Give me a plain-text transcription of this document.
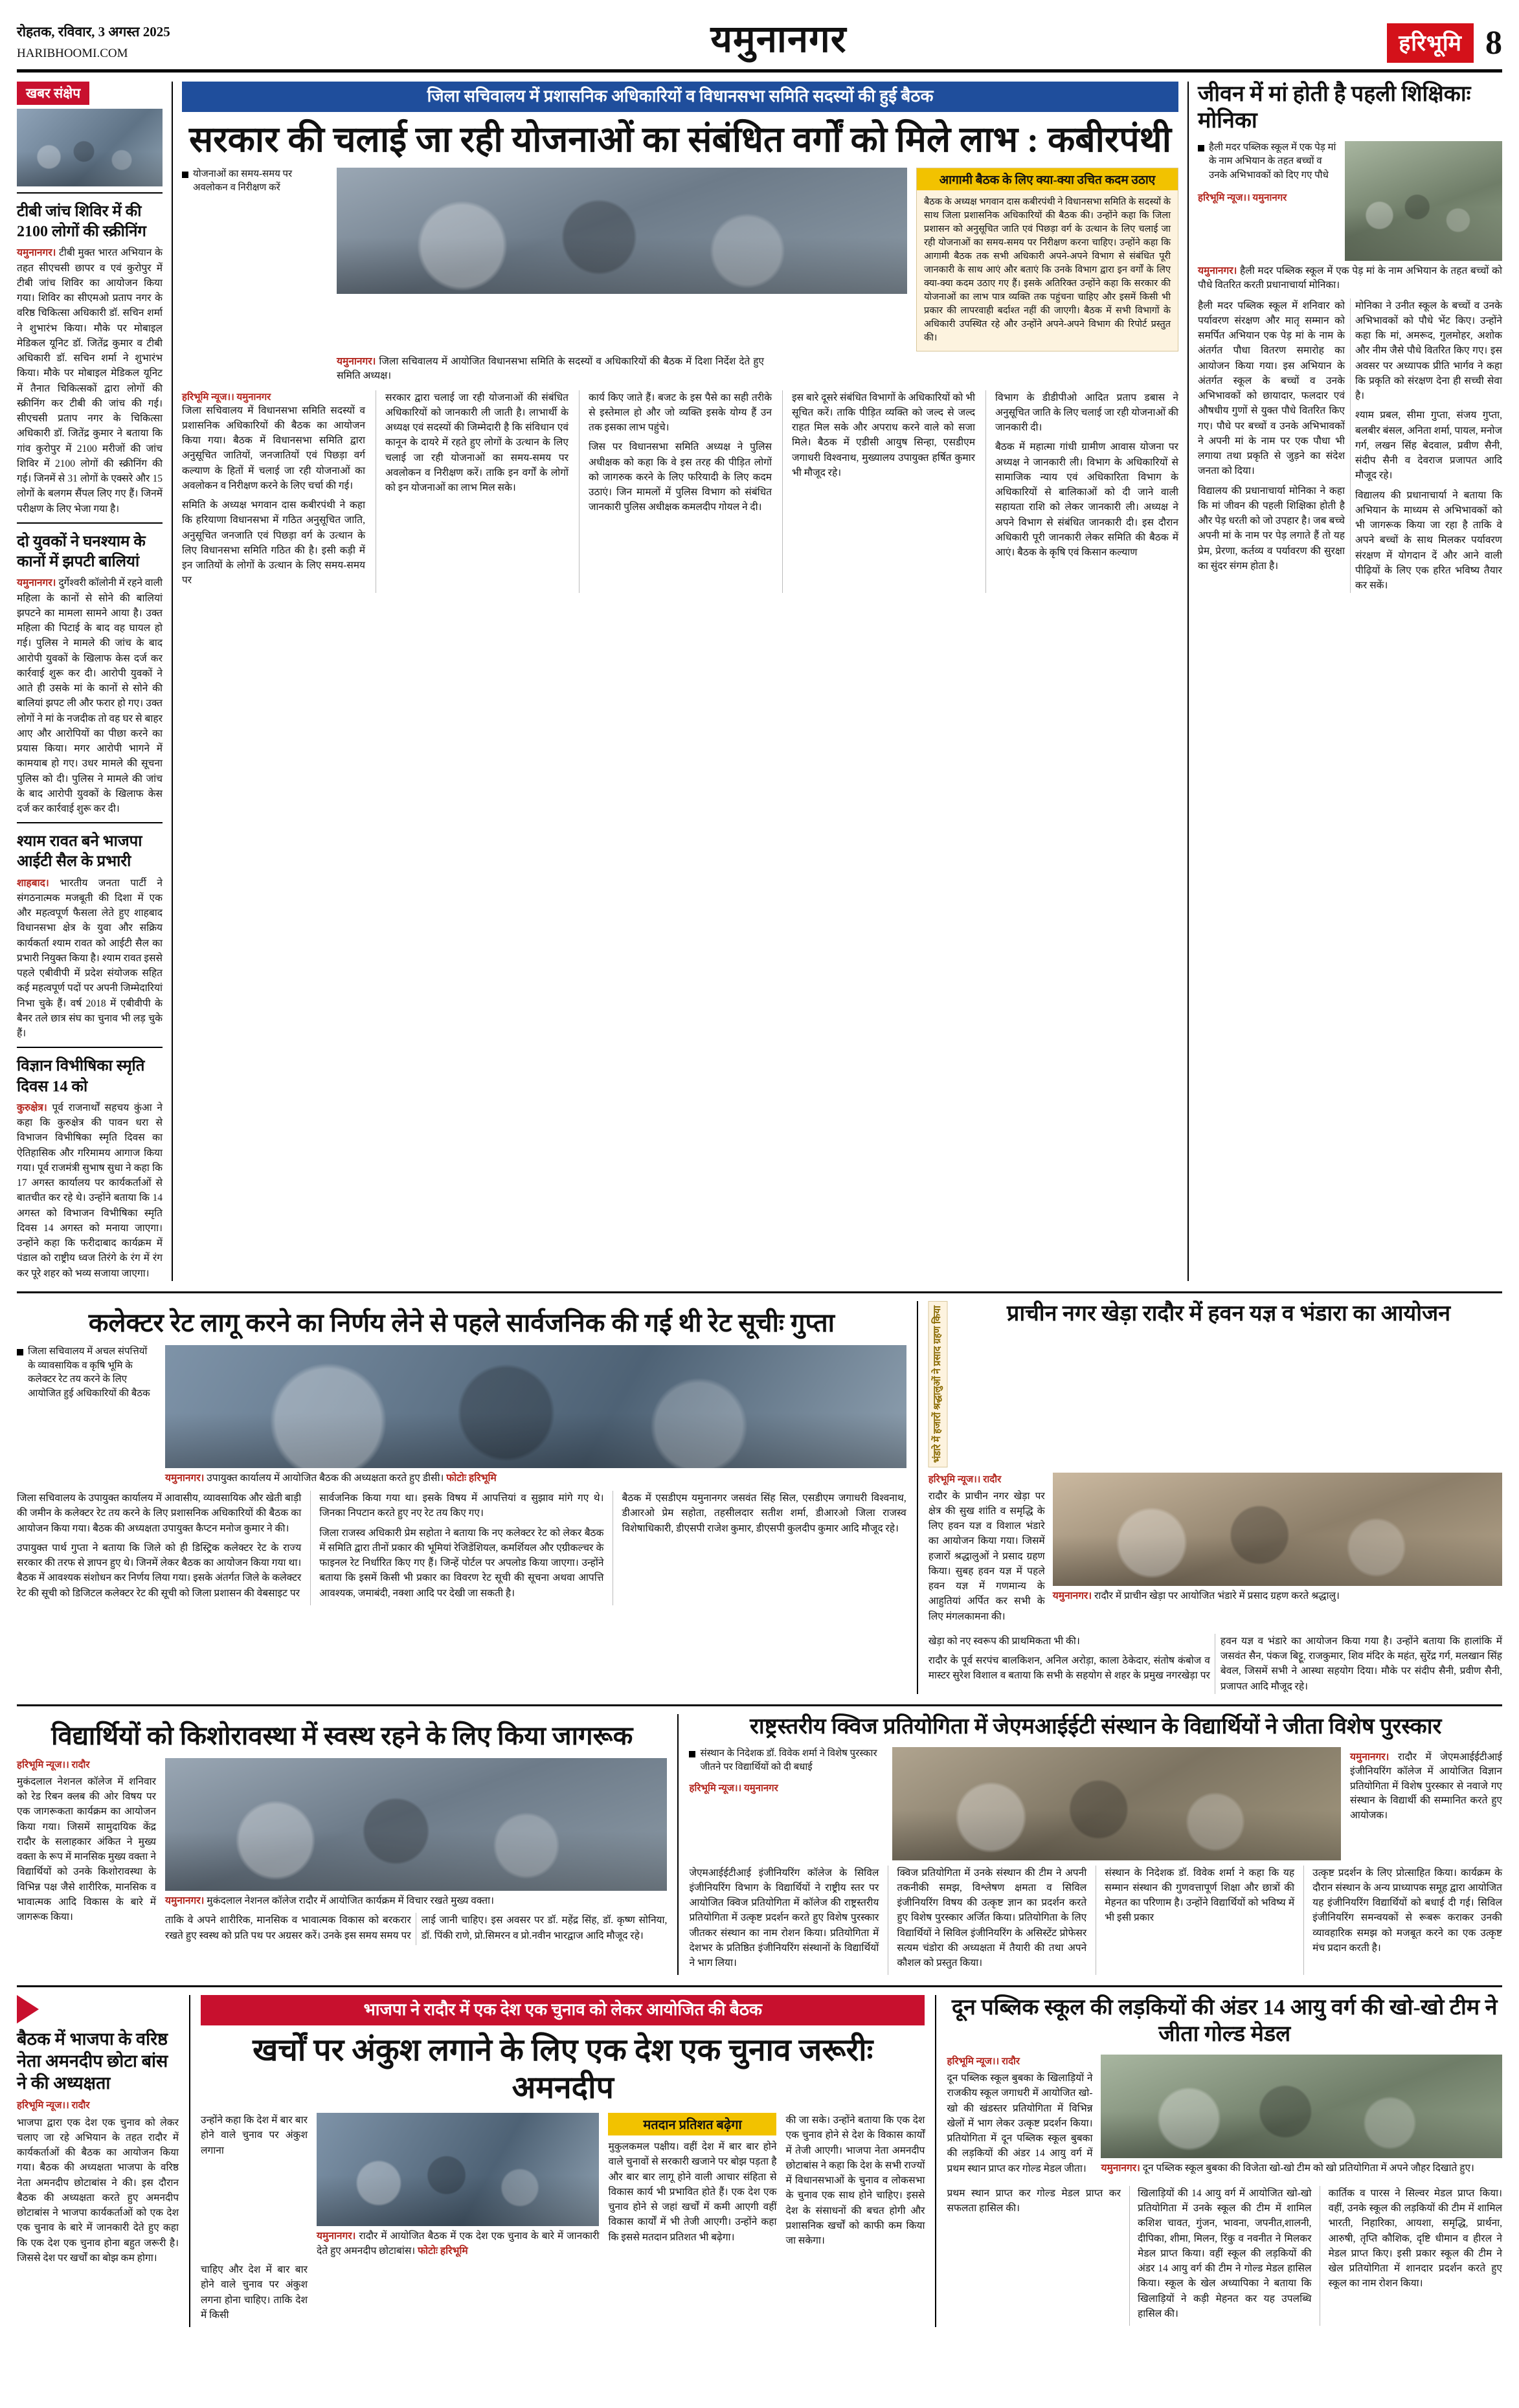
रोहतक, रविवार, 3 अगस्त 2025
HARIBHOOMI.COM	यमुनानगर	हरिभूमि 8
खबर संक्षेप
टीबी जांच शिविर में की 2100 लोगों की स्क्रीनिंग
यमुनानगर। टीबी मुक्त भारत अभियान के तहत सीएचसी छापर व एवं कुरोपुर में टीबी जांच शिविर का आयोजन किया गया। शिविर का सीएमओ प्रताप नगर के वरिष्ठ चिकित्सा अधिकारी डॉ. सचिन शर्मा ने शुभारंभ किया। मौके पर मोबाइल मेडिकल यूनिट डॉ. जितेंद्र कुमार व टीबी अधिकारी डॉ. सचिन शर्मा ने शुभारंभ किया। मौके पर मोबाइल मेडिकल यूनिट में तैनात चिकित्सकों द्वारा लोगों की स्क्रीनिंग कर टीबी की जांच की गई। सीएचसी प्रताप नगर के चिकित्सा अधिकारी डॉ. जितेंद्र कुमार ने बताया कि गांव कुरोपुर में 2100 मरीजों की जांच शिविर में 2100 लोगों की स्क्रीनिंग की गई। जिनमें से 31 लोगों के एक्सरे और 15 लोगों के बलगम सैंपल लिए गए हैं। जिनमें परीक्षण के लिए भेजा गया है।
दो युवकों ने घनश्याम के कानों में झपटी बालियां
यमुनानगर। दुर्गेश्वरी कॉलोनी में रहने वाली महिला के कानों से सोने की बालियां झपटने का मामला सामने आया है। उक्त महिला की पिटाई के बाद वह घायल हो गई। पुलिस ने मामले की जांच के बाद आरोपी युवकों के खिलाफ केस दर्ज कर कार्रवाई शुरू कर दी। आरोपी युवकों ने आते ही उसके मां के कानों से सोने की बालियां झपट ली और फरार हो गए। उक्त लोगों ने मां के नजदीक तो वह घर से बाहर आए और आरोपियों का पीछा करने का प्रयास किया। मगर आरोपी भागने में कामयाब हो गए। उधर मामले की सूचना पुलिस को दी। पुलिस ने मामले की जांच के बाद आरोपी युवकों के खिलाफ केस दर्ज कर कार्रवाई शुरू कर दी।
श्याम रावत बने भाजपा आईटी सैल के प्रभारी
शाहबाद। भारतीय जनता पार्टी ने संगठनात्मक मजबूती की दिशा में एक और महत्वपूर्ण फैसला लेते हुए शाहबाद विधानसभा क्षेत्र के युवा और सक्रिय कार्यकर्ता श्याम रावत को आईटी सैल का प्रभारी नियुक्त किया है। श्याम रावत इससे पहले एबीवीपी में प्रदेश संयोजक सहित कई महत्वपूर्ण पदों पर अपनी जिम्मेदारियां निभा चुके हैं। वर्ष 2018 में एबीवीपी के बैनर तले छात्र संघ का चुनाव भी लड़ चुके हैं।
विज्ञान विभीषिका स्मृति दिवस 14 को
कुरुक्षेत्र। पूर्व राजनार्थों सहचय कुंआ ने कहा कि कुरुक्षेत्र की पावन धरा से विभाजन विभीषिका स्मृति दिवस का ऐतिहासिक और गरिमामय आगाज किया गया। पूर्व राजमंत्री सुभाष सुधा ने कहा कि 17 अगस्त कार्यालय पर कार्यकर्ताओं से बातचीत कर रहे थे। उन्होंने बताया कि 14 अगस्त को विभाजन विभीषिका स्मृति दिवस 14 अगस्त को मनाया जाएगा। उन्होंने कहा कि फरीदाबाद कार्यक्रम में पंडाल को राष्ट्रीय ध्वज तिरंगे के रंग में रंग कर पूरे शहर को भव्य सजाया जाएगा।
जिला सचिवालय में प्रशासनिक अधिकारियों व विधानसभा समिति सदस्यों की हुई बैठक
सरकार की चलाई जा रही योजनाओं का संबंधित वर्गों को मिले लाभ : कबीरपंथी
योजनाओं का समय-समय पर अवलोकन व निरीक्षण करें
आगामी बैठक के लिए क्या-क्या उचित कदम उठाए
बैठक के अध्यक्ष भगवान दास कबीरपंथी ने विधानसभा समिति के सदस्यों के साथ जिला प्रशासनिक अधिकारियों की बैठक की। उन्होंने कहा कि जिला प्रशासन को अनुसूचित जाति एवं पिछड़ा वर्ग के उत्थान के लिए चलाई जा रही योजनाओं का समय-समय पर निरीक्षण करना चाहिए। उन्होंने कहा कि आगामी बैठक तक सभी अधिकारी अपने-अपने विभाग से संबंधित पूरी जानकारी के साथ आएं और बताएं कि उनके विभाग द्वारा इन वर्गों के लिए क्या-क्या कदम उठाए गए हैं। इसके अतिरिक्त उन्होंने कहा कि सरकार की योजनाओं का लाभ पात्र व्यक्ति तक पहुंचना चाहिए और इसमें किसी भी प्रकार की लापरवाही बर्दाश्त नहीं की जाएगी। बैठक में सभी विभागों के अधिकारी उपस्थित रहे और उन्होंने अपने-अपने विभाग की रिपोर्ट प्रस्तुत की।
यमुनानगर। जिला सचिवालय में आयोजित विधानसभा समिति के सदस्यों व अधिकारियों की बैठक में दिशा निर्देश देते हुए समिति अध्यक्ष।
हरिभूमि न्यूज।। यमुनानगर

जिला सचिवालय में विधानसभा समिति सदस्यों व प्रशासनिक अधिकारियों की बैठक का आयोजन किया गया। बैठक में विधानसभा समिति द्वारा अनुसूचित जातियों, जनजातियों एवं पिछड़ा वर्ग कल्याण के हितों में चलाई जा रही योजनाओं का अवलोकन व निरीक्षण करने के लिए चर्चा की गई।

समिति के अध्यक्ष भगवान दास कबीरपंथी ने कहा कि हरियाणा विधानसभा में गठित अनुसूचित जाति, अनुसूचित जनजाति एवं पिछड़ा वर्ग के उत्थान के लिए विधानसभा समिति गठित की है। इसी कड़ी में इन जातियों के लोगों के उत्थान के लिए समय-समय पर

सरकार द्वारा चलाई जा रही योजनाओं की संबंधित अधिकारियों को जानकारी ली जाती है। लाभार्थी के अध्यक्ष एवं सदस्यों की जिम्मेदारी है कि संविधान एवं कानून के दायरे में रहते हुए लोगों के उत्थान के लिए चलाई जा रही योजनाओं का समय-समय पर अवलोकन व निरीक्षण करें। ताकि इन वर्गों के लोगों को इन योजनाओं का लाभ मिल सके।

कार्य किए जाते हैं। बजट के इस पैसे का सही तरीके से इस्तेमाल हो और जो व्यक्ति इसके योग्य हैं उन तक इसका लाभ पहुंचे।

जिस पर विधानसभा समिति अध्यक्ष ने पुलिस अधीक्षक को कहा कि वे इस तरह की पीड़ित लोगों को जागरुक करने के लिए फरियादी के लिए कदम उठाएं। जिन मामलों में पुलिस विभाग को संबंधित जानकारी पुलिस अधीक्षक कमलदीप गोयल ने दी।

इस बारे दूसरे संबंधित विभागों के अधिकारियों को भी सूचित करें। ताकि पीड़ित व्यक्ति को जल्द से जल्द राहत मिल सके और अपराध करने वाले को सजा मिले। बैठक में एडीसी आयुष सिन्हा, एसडीएम जगाधरी विश्वनाथ, मुख्यालय उपायुक्त हर्षित कुमार भी मौजूद रहे।

विभाग के डीडीपीओ आदित प्रताप डबास ने अनुसूचित जाति के लिए चलाई जा रही योजनाओं की जानकारी दी।

बैठक में महात्मा गांधी ग्रामीण आवास योजना पर अध्यक्ष ने जानकारी ली। विभाग के अधिकारियों से सामाजिक न्याय एवं अधिकारिता विभाग के अधिकारियों से बालिकाओं को दी जाने वाली सहायता राशि को लेकर जानकारी ली। अध्यक्ष ने अपने विभाग से संबंधित जानकारी दी। इस दौरान अधिकारी पूरी जानकारी लेकर समिति की बैठक में आएं। बैठक के कृषि एवं किसान कल्याण

जीवन में मां होती है पहली शिक्षिकाः मोनिका
हैली मदर पब्लिक स्कूल में एक पेड़ मां के नाम अभियान के तहत बच्चों व उनके अभिभावकों को दिए गए पौधे
हरिभूमि न्यूज।। यमुनानगर
यमुनानगर। हैली मदर पब्लिक स्कूल में एक पेड़ मां के नाम अभियान के तहत बच्चों को पौधे वितरित करती प्रधानाचार्या मोनिका।

हैली मदर पब्लिक स्कूल में शनिवार को पर्यावरण संरक्षण और मातृ सम्मान को समर्पित अभियान एक पेड़ मां के नाम के अंतर्गत पौधा वितरण समारोह का आयोजन किया गया। इस अभियान के अंतर्गत स्कूल के बच्चों व उनके अभिभावकों को छायादार, फलदार एवं औषधीय गुणों से युक्त पौधे वितरित किए गए। पौधे पर बच्चों व उनके अभिभावकों ने अपनी मां के नाम पर एक पौधा भी लगाया तथा प्रकृति से जुड़ने का संदेश जनता को दिया।

विद्यालय की प्रधानाचार्या मोनिका ने कहा कि मां जीवन की पहली शिक्षिका होती है और पेड़ धरती को जो उपहार है। जब बच्चे अपनी मां के नाम पर पेड़ लगाते हैं तो यह प्रेम, प्रेरणा, कर्तव्य व पर्यावरण की सुरक्षा का सुंदर संगम होता है।

मोनिका ने उनीत स्कूल के बच्चों व उनके अभिभावकों को पौधे भेंट किए। उन्होंने कहा कि मां, अमरूद, गुलमोहर, अशोक और नीम जैसे पौधे वितरित किए गए। इस अवसर पर अध्यापक प्रीति भार्गव ने कहा कि प्रकृति को संरक्षण देना ही सच्ची सेवा है।

श्याम प्रबल, सीमा गुप्ता, संजय गुप्ता, बलबीर बंसल, अनिता शर्मा, पायल, मनोज गर्ग, लखन सिंह बेदवाल, प्रवीण सैनी, संदीप सैनी व देवराज प्रजापत आदि मौजूद रहे।

विद्यालय की प्रधानाचार्या ने बताया कि अभियान के माध्यम से अभिभावकों को भी जागरूक किया जा रहा है ताकि वे अपने बच्चों के साथ मिलकर पर्यावरण संरक्षण में योगदान दें और आने वाली पीढ़ियों के लिए एक हरित भविष्य तैयार कर सकें।

कलेक्टर रेट लागू करने का निर्णय लेने से पहले सार्वजनिक की गई थी रेट सूचीः गुप्ता
जिला सचिवालय में अचल संपत्तियों के व्यावसायिक व कृषि भूमि के कलेक्टर रेट तय करने के लिए आयोजित हुई अधिकारियों की बैठक
यमुनानगर। उपायुक्त कार्यालय में आयोजित बैठक की अध्यक्षता करते हुए डीसी। फोटोः हरिभूमि

जिला सचिवालय के उपायुक्त कार्यालय में आवासीय, व्यावसायिक और खेती बाड़ी की जमीन के कलेक्टर रेट तय करने के लिए प्रशासनिक अधिकारियों की बैठक का आयोजन किया गया। बैठक की अध्यक्षता उपायुक्त कैप्टन मनोज कुमार ने की।

उपायुक्त पार्थ गुप्ता ने बताया कि जिले को ही डिस्ट्रिक कलेक्टर रेट के राज्य सरकार की तरफ से ज्ञापन हुए थे। जिनमें लेकर बैठक का आयोजन किया गया था। बैठक में आवश्यक संशोधन कर निर्णय लिया गया। इसके अंतर्गत जिले के कलेक्टर रेट की सूची को डिजिटल कलेक्टर रेट की सूची को जिला प्रशासन की वेबसाइट पर

सार्वजनिक किया गया था। इसके विषय में आपत्तियां व सुझाव मांगे गए थे। जिनका निपटान करते हुए नए रेट तय किए गए।

जिला राजस्व अधिकारी प्रेम सहोता ने बताया कि नए कलेक्टर रेट को लेकर बैठक में समिति द्वारा तीनों प्रकार की भूमियां रेजिडेंशियल, कमर्शियल और एग्रीकल्चर के फाइनल रेट निर्धारित किए गए हैं। जिन्हें पोर्टल पर अपलोड किया जाएगा। उन्होंने बताया कि इसमें किसी भी प्रकार का विवरण रेट सूची की सूचना अथवा आपत्ति आवश्यक, जमाबंदी, नक्शा आदि पर देखी जा सकती है।

बैठक में एसडीएम यमुनानगर जसवंत सिंह सिल, एसडीएम जगाधरी विश्वनाथ, डीआरओ प्रेम सहोता, तहसीलदार सतीश शर्मा, डीआरओ जिला राजस्व विशेषाधिकारी, डीएसपी राजेश कुमार, डीएसपी कुलदीप कुमार आदि मौजूद रहे।

भंडारे में हजारों श्रद्धालुओं ने प्रसाद ग्रहण किया	प्राचीन नगर खेड़ा रादौर में हवन यज्ञ व भंडारा का आयोजन
हरिभूमि न्यूज।। रादौर

रादौर के प्राचीन नगर खेड़ा पर क्षेत्र की सुख शांति व समृद्धि के लिए हवन यज्ञ व विशाल भंडारे का आयोजन किया गया। जिसमें हजारों श्रद्धालुओं ने प्रसाद ग्रहण किया। सुबह हवन यज्ञ में पहले हवन यज्ञ में गणमान्य के आहुतियां अर्पित कर सभी के लिए मंगलकामना की।

यमुनानगर। रादौर में प्राचीन खेड़ा पर आयोजित भंडारे में प्रसाद ग्रहण करते श्रद्धालु।

खेड़ा को नए स्वरूप की प्राथमिकता भी की।

रादौर के पूर्व सरपंच बालकिशन, अनिल अरोड़ा, काला ठेकेदार, संतोष कंबोज व मास्टर सुरेश विशाल व बताया कि सभी के सहयोग से शहर के प्रमुख नगरखेड़ा पर हवन यज्ञ व भंडारे का आयोजन किया गया है। उन्होंने बताया कि हालांकि में जसवंत सैन, पंकज बिट्टू, राजकुमार, शिव मंदिर के महंत, सुरेंद्र गर्ग, मलखान सिंह बेवल, जिसमें सभी ने आस्था सहयोग दिया। मौके पर संदीप सैनी, प्रवीण सैनी, प्रजापत आदि मौजूद रहे।

विद्यार्थियों को किशोरावस्था में स्वस्थ रहने के लिए किया जागरूक
हरिभूमि न्यूज।। रादौर

मुकंदलाल नेशनल कॉलेज में शनिवार को रेड रिबन क्लब की ओर विषय पर एक जागरूकता कार्यक्रम का आयोजन किया गया। जिसमें सामुदायिक केंद्र रादौर के सलाहकार अंकित ने मुख्य वक्ता के रूप में मानसिक मुख्य वक्ता ने विद्यार्थियों को उनके किशोरावस्था के विभिन्न पक्ष जैसे शारीरिक, मानसिक व भावात्मक आदि विकास के बारे में जागरूक किया।

यमुनानगर। मुकंदलाल नेशनल कॉलेज रादौर में आयोजित कार्यक्रम में विचार रखते मुख्य वक्ता।

ताकि वे अपने शारीरिक, मानसिक व भावात्मक विकास को बरकरार रखते हुए स्वस्थ को प्रति पथ पर अग्रसर करें। उनके इस समय समय पर लाई जानी चाहिए। इस अवसर पर डॉ. महेंद्र सिंह, डॉ. कृष्ण सोनिया, डॉ. पिंकी राणे, प्रो.सिमरन व प्रो.नवीन भारद्वाज आदि मौजूद रहे।

राष्ट्रस्तरीय क्विज प्रतियोगिता में जेएमआईईटी संस्थान के विद्यार्थियों ने जीता विशेष पुरस्कार
संस्थान के निदेशक डॉ. विवेक शर्मा ने विशेष पुरस्कार जीतने पर विद्यार्थियों को दी बधाई
हरिभूमि न्यूज।। यमुनानगर
यमुनानगर। रादौर में जेएमआईईटीआई इंजीनियरिंग कॉलेज में आयोजित विज्ञान प्रतियोगिता में विशेष पुरस्कार से नवाजे गए संस्थान के विद्यार्थी की सम्मानित करते हुए आयोजक।

जेएमआईईटीआई इंजीनियरिंग कॉलेज के सिविल इंजीनियरिंग विभाग के विद्यार्थियों ने राष्ट्रीय स्तर पर आयोजित क्विज प्रतियोगिता में कॉलेज की राष्ट्रस्तरीय प्रतियोगिता में उत्कृष्ट प्रदर्शन करते हुए विशेष पुरस्कार जीतकर संस्थान का नाम रोशन किया। प्रतियोगिता में देशभर के प्रतिष्ठित इंजीनियरिंग संस्थानों के विद्यार्थियों ने भाग लिया।

क्विज प्रतियोगिता में उनके संस्थान की टीम ने अपनी तकनीकी समझ, विश्लेषण क्षमता व सिविल इंजीनियरिंग विषय की उत्कृष्ट ज्ञान का प्रदर्शन करते हुए विशेष पुरस्कार अर्जित किया। प्रतियोगिता के लिए विद्यार्थियों ने सिविल इंजीनियरिंग के असिस्टेंट प्रोफेसर सत्यम चंडोरा की अध्यक्षता में तैयारी की तथा अपने कौशल को प्रस्तुत किया।

संस्थान के निदेशक डॉ. विवेक शर्मा ने कहा कि यह सम्मान संस्थान की गुणवत्तापूर्ण शिक्षा और छात्रों की मेहनत का परिणाम है। उन्होंने विद्यार्थियों को भविष्य में भी इसी प्रकार

उत्कृष्ट प्रदर्शन के लिए प्रोत्साहित किया। कार्यक्रम के दौरान संस्थान के अन्य प्राध्यापक समूह द्वारा आयोजित यह इंजीनियरिंग विद्यार्थियों को बधाई दी गई। सिविल इंजीनियरिंग समन्वयकों से रूबरू कराकर उनकी व्यावहारिक समझ को मजबूत करने का एक उत्कृष्ट मंच प्रदान करती है।

बैठक में भाजपा के वरिष्ठ नेता अमनदीप छोटा बांस ने की अध्यक्षता
हरिभूमि न्यूज।। रादौर

भाजपा द्वारा एक देश एक चुनाव को लेकर चलाए जा रहे अभियान के तहत रादौर में कार्यकर्ताओं की बैठक का आयोजन किया गया। बैठक की अध्यक्षता भाजपा के वरिष्ठ नेता अमनदीप छोटाबांस ने की। इस दौरान बैठक की अध्यक्षता करते हुए अमनदीप छोटाबांस ने भाजपा कार्यकर्ताओं को एक देश एक चुनाव के बारे में जानकारी देते हुए कहा कि एक देश एक चुनाव होना बहुत जरूरी है। जिससे देश पर खर्चों का बोझ कम होगा।

भाजपा ने रादौर में एक देश एक चुनाव को लेकर आयोजित की बैठक
खर्चों पर अंकुश लगाने के लिए एक देश एक चुनाव जरूरीः अमनदीप

उन्होंने कहा कि देश में बार बार होने वाले चुनाव पर अंकुश लगाना

यमुनानगर। रादौर में आयोजित बैठक में एक देश एक चुनाव के बारे में जानकारी देते हुए अमनदीप छोटाबांस। फोटोः हरिभूमि
मतदान प्रतिशत बढ़ेगा

मुकुलकमल पक्षीय। वहीं देश में बार बार होने वाले चुनावों से सरकारी खजाने पर बोझ पड़ता है और बार बार लागू होने वाली आचार संहिता से विकास कार्य भी प्रभावित होते हैं। एक देश एक चुनाव होने से जहां खर्चों में कमी आएगी वहीं विकास कार्यों में भी तेजी आएगी। उन्होंने कहा कि इससे मतदान प्रतिशत भी बढ़ेगा।

की जा सके। उन्होंने बताया कि एक देश एक चुनाव होने से देश के विकास कार्यों में तेजी आएगी। भाजपा नेता अमनदीप छोटाबांस ने कहा कि देश के सभी राज्यों में विधानसभाओं के चुनाव व लोकसभा के चुनाव एक साथ होने चाहिए। इससे देश के संसाधनों की बचत होगी और प्रशासनिक खर्चों को काफी कम किया जा सकेगा।

चाहिए और देश में बार बार होने वाले चुनाव पर अंकुश लगना होना चाहिए। ताकि देश में किसी

दून पब्लिक स्कूल की लड़कियों की अंडर 14 आयु वर्ग की खो-खो टीम ने जीता गोल्ड मेडल
हरिभूमि न्यूज।। रादौर

दून पब्लिक स्कूल बुबका के खिलाड़ियों ने राजकीय स्कूल जगाधरी में आयोजित खो-खो की खंडस्तर प्रतियोगिता में विभिन्न खेलों में भाग लेकर उत्कृष्ट प्रदर्शन किया। प्रतियोगिता में दून पब्लिक स्कूल बुबका की लड़कियों की अंडर 14 आयु वर्ग में प्रथम स्थान प्राप्त कर गोल्ड मेडल जीता।	यमुनानगर। दून पब्लिक स्कूल बुबका की विजेता खो-खो टीम को खो प्रतियोगिता में अपने जौहर दिखाते हुए।

प्रथम स्थान प्राप्त कर गोल्ड मेडल प्राप्त कर सफलता हासिल की।

खिलाड़ियों की 14 आयु वर्ग में आयोजित खो-खो प्रतियोगिता में उनके स्कूल की टीम में शामिल कशिश चावत, गुंजन, भावना, जपनीत,शालनी, दीपिका, शीमा, मिलन, रिंकु व नवनीत ने मिलकर मेडल प्राप्त किया। वहीं स्कूल की लड़कियों की अंडर 14 आयु वर्ग की टीम ने गोल्ड मेडल हासिल किया। स्कूल के खेल अध्यापिका ने बताया कि खिलाड़ियों ने कड़ी मेहनत कर यह उपलब्धि हासिल की।

कार्तिक व पारस ने सिल्वर मेडल प्राप्त किया। वहीं, उनके स्कूल की लड़कियों की टीम में शामिल भारती, निहारिका, आयशा, समृद्धि, प्रार्थना, आरुषी, तृप्ति कौशिक, दृष्टि धीमान व हीरल ने मेडल प्राप्त किए। इसी प्रकार स्कूल की टीम ने खेल प्रतियोगिता में शानदार प्रदर्शन करते हुए स्कूल का नाम रोशन किया।
